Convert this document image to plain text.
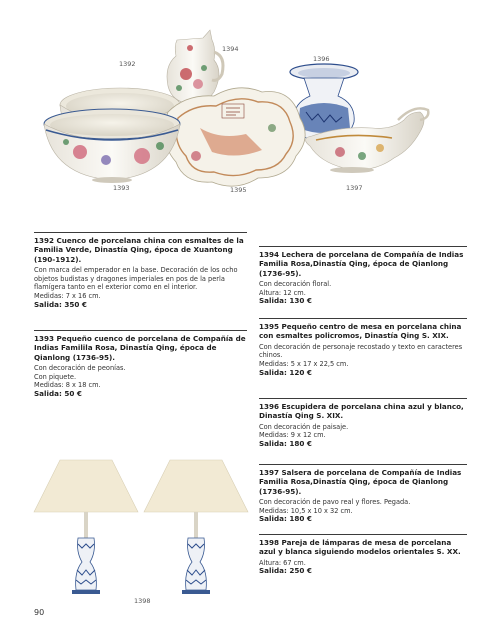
1392
1394
1396
1393	1395	1397
1392 Cuenco de porcelana china con esmaltes de la Familia Verde, Dinastía Qing, época de Xuantong (190-1912).
Con marca del emperador en la base. Decoración de los ocho objetos budistas y dragones imperiales en pos de la perla flamígera tanto en el exterior como en el interior.
Medidas: 7 x 16 cm.
Salida: 350 €
1393 Pequeño cuenco de porcelana de Compañía de Indias Familila Rosa, Dinastía Qing, época de Qianlong (1736-95).
Con decoración de peonías.
Con piquete.
Medidas: 8 x 18 cm.
Salida: 50 €
1398
1394 Lechera de porcelana de Compañía de Indias Familia Rosa,Dinastía Qing, época de Qianlong (1736-95).
Con decoración floral.
Altura: 12 cm.
Salida: 130 €
1395 Pequeño centro de mesa en porcelana china con esmaltes policromos, Dinastía Qing S. XIX.
Con decoración de personaje recostado y texto en caracteres chinos.
Medidas: 5 x 17 x 22,5 cm.
Salida: 120 €
1396 Escupidera de porcelana china azul y blanco, Dinastía Qing S. XIX.
Con decoración de paisaje.
Medidas: 9 x 12 cm.
Salida: 180 €
1397 Salsera de porcelana de Compañía de Indias Familia Rosa,Dinastía Qing, época de Qianlong (1736-95).
Con decoración de pavo real y flores. Pegada.
Medidas: 10,5 x 10 x 32 cm.
Salida: 180 €
1398 Pareja de lámparas de mesa de porcelana azul y blanca siguiendo modelos orientales S. XX.
Altura: 67 cm.
Salida: 250 €
90
